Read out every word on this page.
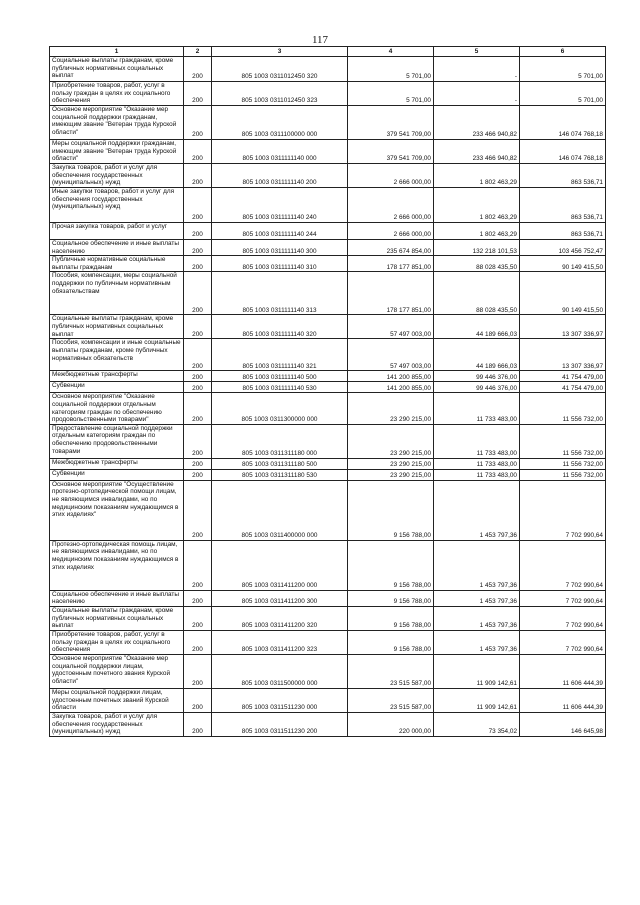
117
1	2	3	4	5	6
Социальные выплаты гражданам, кроме публичных нормативных социальных выплат	200	805 1003 0311012450 320	5 701,00	-	5 701,00
Приобретение товаров, работ, услуг в пользу граждан в целях их социального обеспечения	200	805 1003 0311012450 323	5 701,00	-	5 701,00
Основное мероприятие "Оказание мер социальной поддержки гражданам, имеющим звание "Ветеран труда Курской области"	200	805 1003 0311100000 000	379 541 709,00	233 466 940,82	146 074 768,18
Меры социальной поддержки гражданам, имеющим звание "Ветеран труда Курской области"	200	805 1003 0311111140 000	379 541 709,00	233 466 940,82	146 074 768,18
Закупка товаров, работ и услуг для обеспечения государственных (муниципальных) нужд	200	805 1003 0311111140 200	2 666 000,00	1 802 463,29	863 536,71
Иные закупки товаров, работ и услуг для обеспечения государственных (муниципальных) нужд	200	805 1003 0311111140 240	2 666 000,00	1 802 463,29	863 536,71
Прочая закупка товаров, работ и услуг	200	805 1003 0311111140 244	2 666 000,00	1 802 463,29	863 536,71
Социальное обеспечение и иные выплаты населению	200	805 1003 0311111140 300	235 674 854,00	132 218 101,53	103 456 752,47
Публичные нормативные социальные выплаты гражданам	200	805 1003 0311111140 310	178 177 851,00	88 028 435,50	90 149 415,50
Пособия, компенсации, меры социальной поддержки по публичным нормативным обязательствам	200	805 1003 0311111140 313	178 177 851,00	88 028 435,50	90 149 415,50
Социальные выплаты гражданам, кроме публичных нормативных социальных выплат	200	805 1003 0311111140 320	57 497 003,00	44 189 666,03	13 307 336,97
Пособия, компенсации и иные социальные выплаты гражданам, кроме публичных нормативных обязательств	200	805 1003 0311111140 321	57 497 003,00	44 189 666,03	13 307 336,97
Межбюджетные трансферты	200	805 1003 0311111140 500	141 200 855,00	99 446 376,00	41 754 479,00
Субвенции	200	805 1003 0311111140 530	141 200 855,00	99 446 376,00	41 754 479,00
Основное мероприятие "Оказание социальной поддержки отдельным категориям граждан по обеспечению продовольственными товарами"	200	805 1003 0311300000 000	23 290 215,00	11 733 483,00	11 556 732,00
Предоставление социальной поддержки отдельным категориям граждан по обеспечению продовольственными товарами	200	805 1003 0311311180 000	23 290 215,00	11 733 483,00	11 556 732,00
Межбюджетные трансферты	200	805 1003 0311311180 500	23 290 215,00	11 733 483,00	11 556 732,00
Субвенции	200	805 1003 0311311180 530	23 290 215,00	11 733 483,00	11 556 732,00
Основное мероприятие "Осуществление протезно-ортопедической помощи лицам, не являющимся инвалидами, но по медицинским показаниям нуждающимся в этих изделиях"	200	805 1003 0311400000 000	9 156 788,00	1 453 797,36	7 702 990,64
Протезно-ортопедическая помощь лицам, не являющимся инвалидами, но по медицинским показаниям нуждающимся в этих изделиях	200	805 1003 0311411200 000	9 156 788,00	1 453 797,36	7 702 990,64
Социальное обеспечение и иные выплаты населению	200	805 1003 0311411200 300	9 156 788,00	1 453 797,36	7 702 990,64
Социальные выплаты гражданам, кроме публичных нормативных социальных выплат	200	805 1003 0311411200 320	9 156 788,00	1 453 797,36	7 702 990,64
Приобретение товаров, работ, услуг в пользу граждан в целях их социального обеспечения	200	805 1003 0311411200 323	9 156 788,00	1 453 797,36	7 702 990,64
Основное мероприятие "Оказание мер социальной поддержки лицам, удостоенным почетного звания Курской области"	200	805 1003 0311500000 000	23 515 587,00	11 909 142,61	11 606 444,39
Меры социальной поддержки лицам, удостоенным почетных званий Курской области	200	805 1003 0311511230 000	23 515 587,00	11 909 142,61	11 606 444,39
Закупка товаров, работ и услуг для обеспечения государственных (муниципальных) нужд	200	805 1003 0311511230 200	220 000,00	73 354,02	146 645,98
